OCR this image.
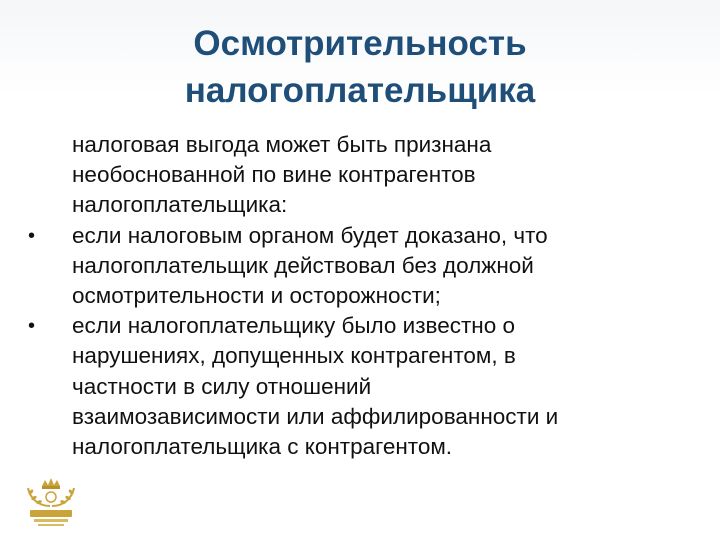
Осмотрительность
налогоплательщика

налоговая выгода может быть признана
необоснованной по вине контрагентов
налогоплательщика:

• если налоговым органом будет доказано, что
налогоплательщик действовал без должной
осмотрительности и осторожности;

• если налогоплательщику было известно о
нарушениях, допущенных контрагентом, в
частности в силу отношений
взаимозависимости или аффилированности и
налогоплательщика с контрагентом.
